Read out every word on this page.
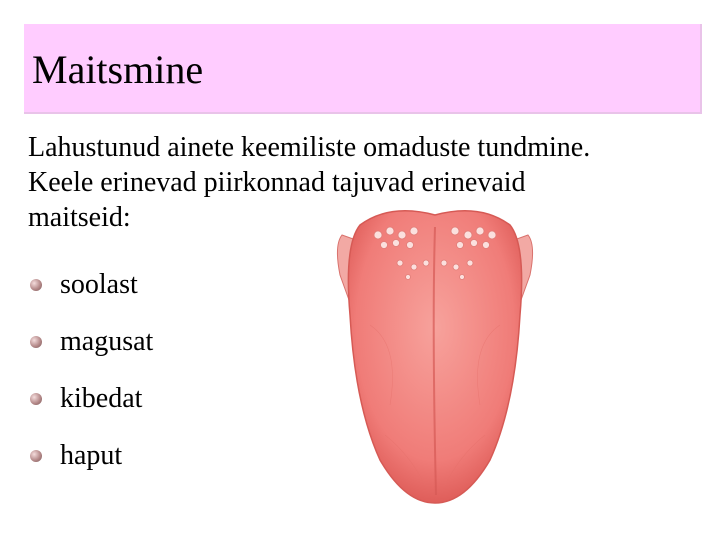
Maitsmine
Lahustunud ainete keemiliste omaduste tundmine.
Keele erinevad piirkonnad tajuvad erinevaid
maitseid:
soolast
magusat
kibedat
haput
